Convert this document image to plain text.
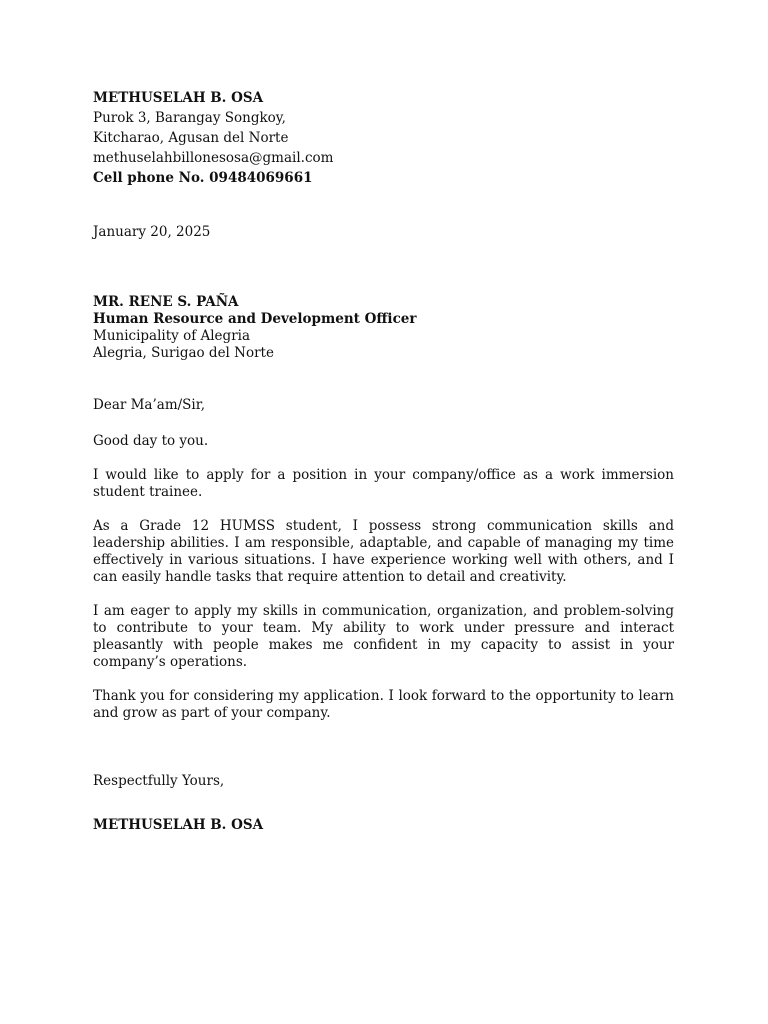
METHUSELAH B. OSA
Purok 3, Barangay Songkoy,
Kitcharao, Agusan del Norte
methuselahbillonesosa@gmail.com
Cell phone No. 09484069661
January 20, 2025
MR. RENE S. PAÑA
Human Resource and Development Officer
Municipality of Alegria
Alegria, Surigao del Norte
Dear Ma’am/Sir,
Good day to you.
I would like to apply for a position in your company/office as a work immersion student trainee.
As a Grade 12 HUMSS student, I possess strong communication skills and leadership abilities. I am responsible, adaptable, and capable of managing my time effectively in various situations. I have experience working well with others, and I can easily handle tasks that require attention to detail and creativity.
I am eager to apply my skills in communication, organization, and problem-solving to contribute to your team. My ability to work under pressure and interact pleasantly with people makes me confident in my capacity to assist in your company’s operations.
Thank you for considering my application. I look forward to the opportunity to learn and grow as part of your company.
Respectfully Yours,
METHUSELAH B. OSA
